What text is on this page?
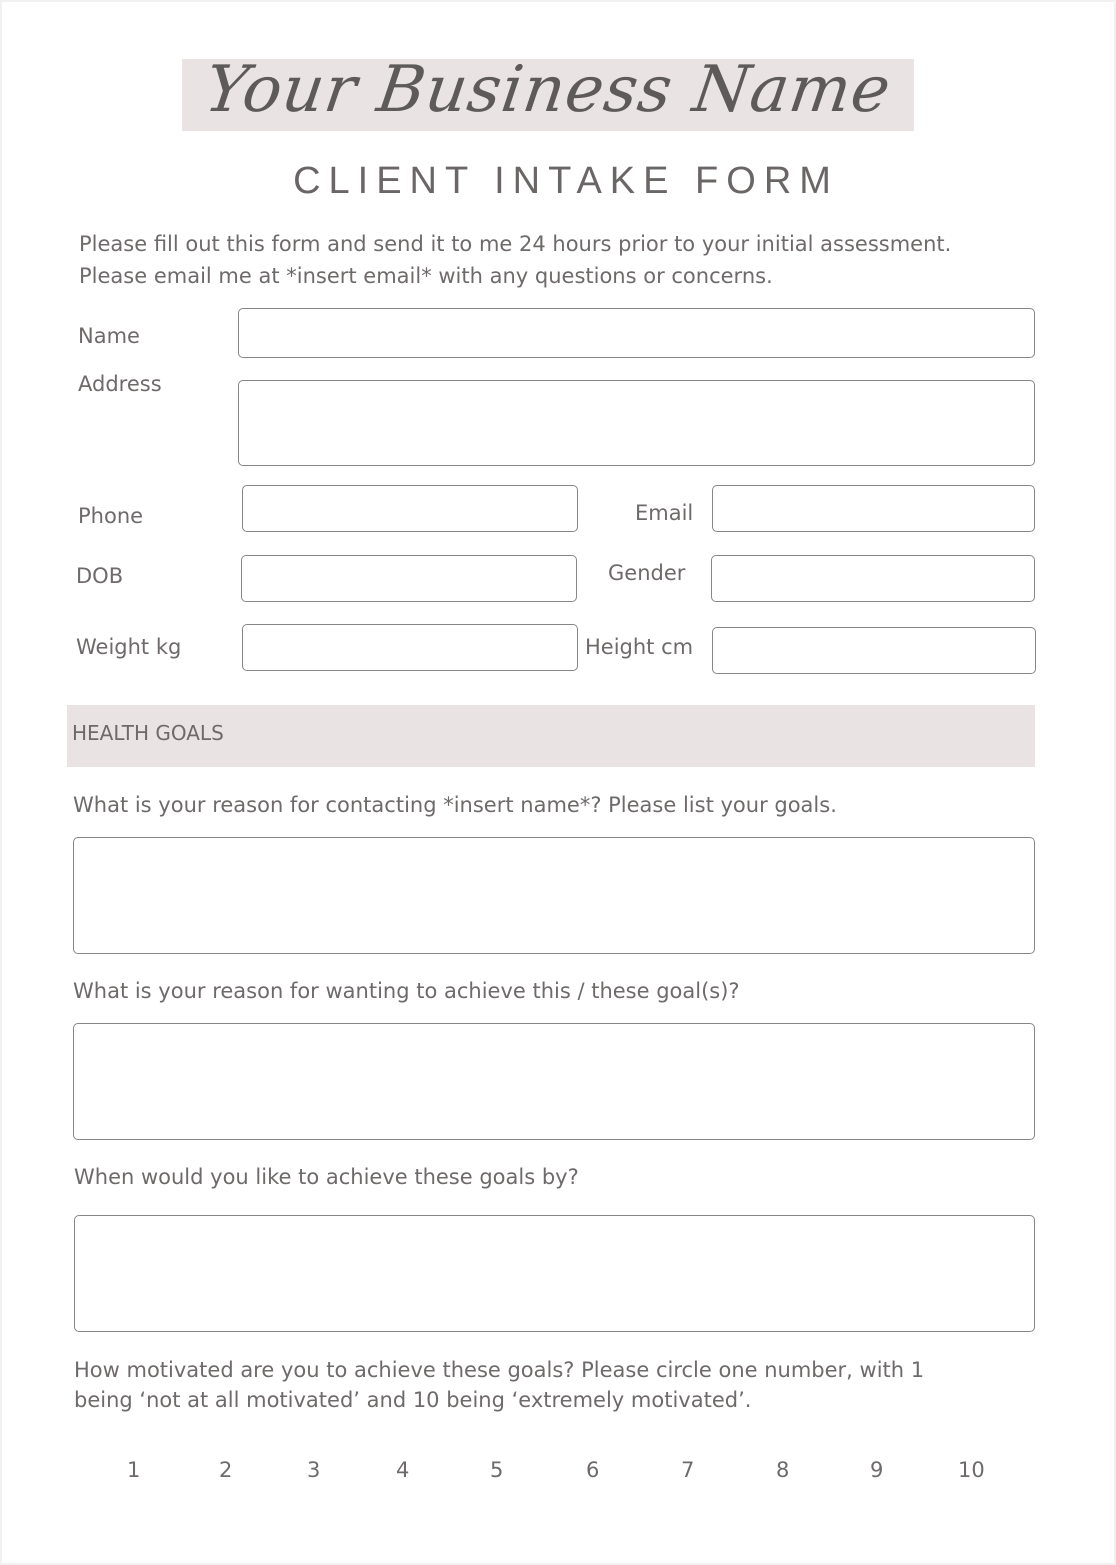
Your Business Name
CLIENT INTAKE FORM
Please fill out this form and send it to me 24 hours prior to your initial assessment.
Please email me at *insert email* with any questions or concerns.
Name
Address
Phone	Email
DOB	Gender
Weight kg	Height cm
HEALTH GOALS
What is your reason for contacting *insert name*? Please list your goals.
What is your reason for wanting to achieve this / these goal(s)?
When would you like to achieve these goals by?
How motivated are you to achieve these goals? Please circle one number, with 1
being ‘not at all motivated’ and 10 being ‘extremely motivated’.
1	2	3	4	5	6	7	8	9	10
